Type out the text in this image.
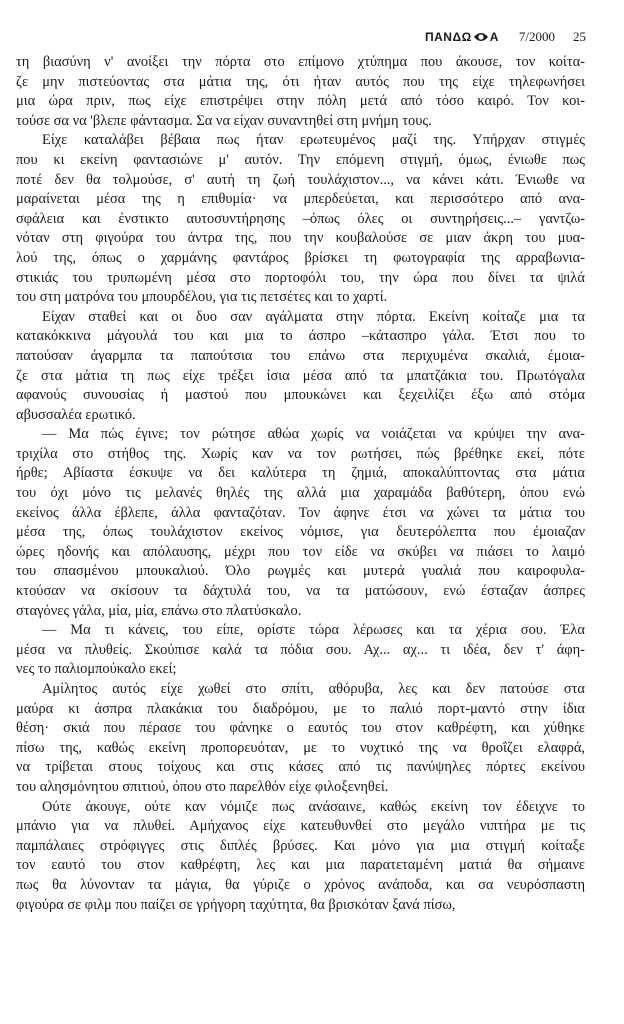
ΠΑΝΔΩ Α 7/2000 25
τη βιασύνη ν' ανοίξει την πόρτα στο επίμονο χτύπημα που άκουσε, τον κοίτα-
ζε μην πιστεύοντας στα μάτια της, ότι ήταν αυτός που της είχε τηλεφωνήσει
μια ώρα πριν, πως είχε επιστρέψει στην πόλη μετά από τόσο καιρό. Τον κοι-
τούσε σα να 'βλεπε φάντασμα. Σα να είχαν συναντηθεί στη μνήμη τους.
Είχε καταλάβει βέβαια πως ήταν ερωτευμένος μαζί της. Υπήρχαν στιγμές
που κι εκείνη φαντασιώνε μ' αυτόν. Την επόμενη στιγμή, όμως, ένιωθε πως
ποτέ δεν θα τολμούσε, σ' αυτή τη ζωή τουλάχιστον..., να κάνει κάτι. Ένιωθε να
μαραίνεται μέσα της η επιθυμία· να μπερδεύεται, και περισσότερο από ανα-
σφάλεια και ένστικτο αυτοσυντήρησης –όπως όλες οι συντηρήσεις...– γαντζω-
νόταν στη φιγούρα του άντρα της, που την κουβαλούσε σε μιαν άκρη του μυα-
λού της, όπως ο χαρμάνης φαντάρος βρίσκει τη φωτογραφία της αρραβωνια-
στικιάς του τρυπωμένη μέσα στο πορτοφόλι του, την ώρα που δίνει τα ψιλά
του στη ματρόνα του μπουρδέλου, για τις πετσέτες και το χαρτί.
Είχαν σταθεί και οι δυο σαν αγάλματα στην πόρτα. Εκείνη κοίταζε μια τα
κατακόκκινα μάγουλά του και μια το άσπρο –κάτασπρο γάλα. Έτσι που το
πατούσαν άγαρμπα τα παπούτσια του επάνω στα περιχυμένα σκαλιά, έμοια-
ζε στα μάτια τη πως είχε τρέξει ίσια μέσα από τα μπατζάκια του. Πρωτόγαλα
αφανούς συνουσίας ή μαστού που μπουκώνει και ξεχειλίζει έξω από στόμα
αβυσσαλέα ερωτικό.
— Μα πώς έγινε; τον ρώτησε αθώα χωρίς να νοιάζεται να κρύψει την ανα-
τριχίλα στο στήθος της. Χωρίς καν να τον ρωτήσει, πώς βρέθηκε εκεί, πότε
ήρθε; Αβίαστα έσκυψε να δει καλύτερα τη ζημιά, αποκαλύπτοντας στα μάτια
του όχι μόνο τις μελανές θηλές της αλλά μια χαραμάδα βαθύτερη, όπου ενώ
εκείνος άλλα έβλεπε, άλλα φανταζόταν. Τον άφηνε έτσι να χώνει τα μάτια του
μέσα της, όπως τουλάχιστον εκείνος νόμισε, για δευτερόλεπτα που έμοιαζαν
ώρες ηδονής και απόλαυσης, μέχρι που τον είδε να σκύβει να πιάσει το λαιμό
του σπασμένου μπουκαλιού. Όλο ρωγμές και μυτερά γυαλιά που καιροφυλα-
κτούσαν να σκίσουν τα δάχτυλά του, να τα ματώσουν, ενώ έσταζαν άσπρες
σταγόνες γάλα, μία, μία, επάνω στο πλατύσκαλο.
— Μα τι κάνεις, του είπε, ορίστε τώρα λέρωσες και τα χέρια σου. Έλα
μέσα να πλυθείς. Σκούπισε καλά τα πόδια σου. Αχ... αχ... τι ιδέα, δεν τ' άφη-
νες το παλιομπούκαλο εκεί;
Αμίλητος αυτός είχε χωθεί στο σπίτι, αθόρυβα, λες και δεν πατούσε στα
μαύρα κι άσπρα πλακάκια του διαδρόμου, με το παλιό πορτ-μαντό στην ίδια
θέση· σκιά που πέρασε του φάνηκε ο εαυτός του στον καθρέφτη, και χύθηκε
πίσω της, καθώς εκείνη προπορευόταν, με το νυχτικό της να θροΐζει ελαφρά,
να τρίβεται στους τοίχους και στις κάσες από τις πανύψηλες πόρτες εκείνου
του αλησμόνητου σπιτιού, όπου στο παρελθόν είχε φιλοξενηθεί.
Ούτε άκουγε, ούτε καν νόμιζε πως ανάσαινε, καθώς εκείνη τον έδειχνε το
μπάνιο για να πλυθεί. Αμήχανος είχε κατευθυνθεί στο μεγάλο νιπτήρα με τις
παμπάλαιες στρόφιγγες στις διπλές βρύσες. Και μόνο για μια στιγμή κοίταξε
τον εαυτό του στον καθρέφτη, λες και μια παρατεταμένη ματιά θα σήμαινε
πως θα λύνονταν τα μάγια, θα γύριζε ο χρόνος ανάποδα, και σα νευρόσπαστη
φιγούρα σε φιλμ που παίζει σε γρήγορη ταχύτητα, θα βρισκόταν ξανά πίσω,
